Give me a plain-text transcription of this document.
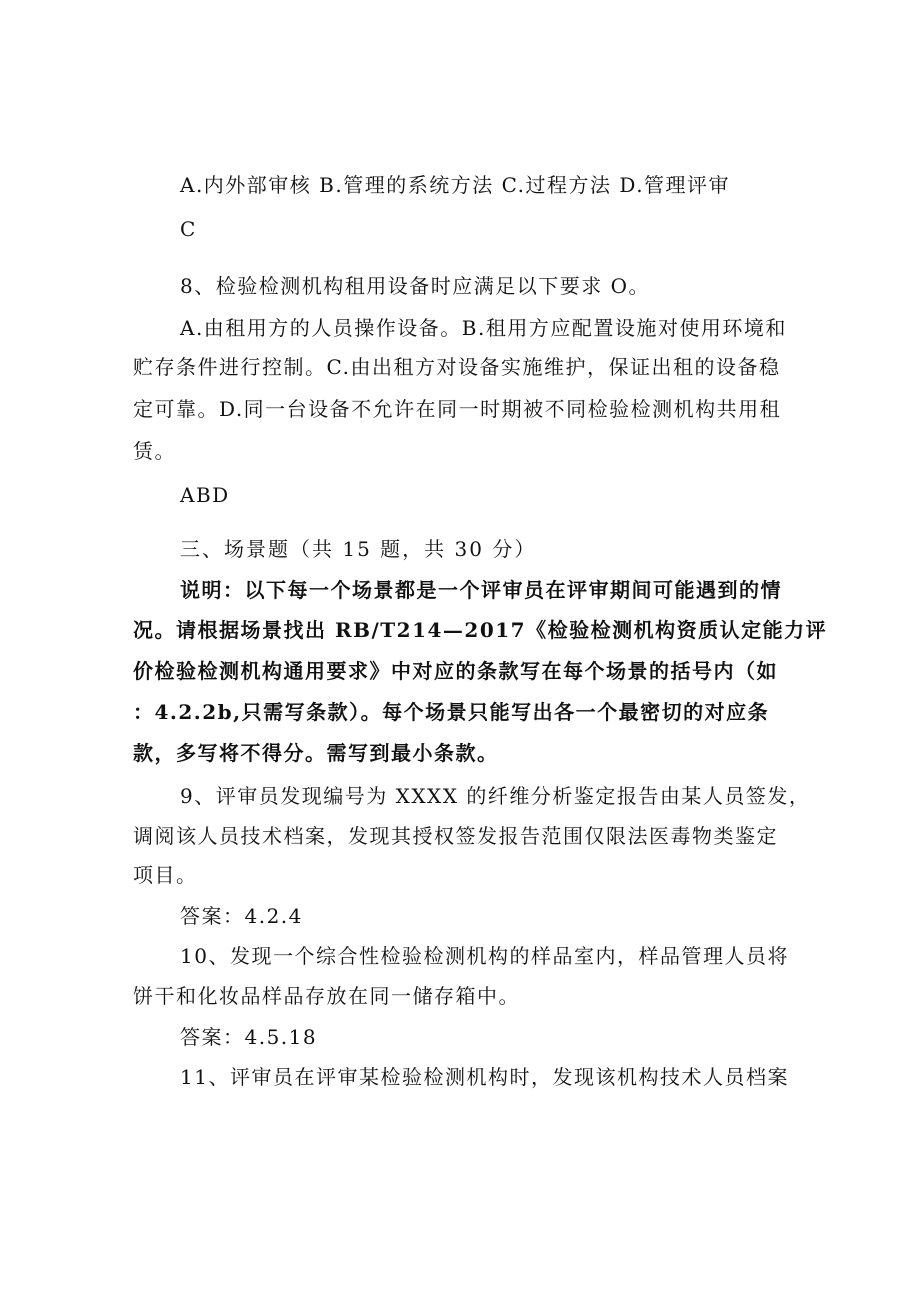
A.内外部审核 B.管理的系统方法 C.过程方法 D.管理评审
C
8、检验检测机构租用设备时应满足以下要求 O。
A.由租用方的人员操作设备。B.租用方应配置设施对使用环境和
贮存条件进行控制。C.由出租方对设备实施维护，保证出租的设备稳
定可靠。D.同一台设备不允许在同一时期被不同检验检测机构共用租
赁。
ABD
三、场景题（共 15 题，共 30 分）
说明：以下每一个场景都是一个评审员在评审期间可能遇到的情
况。请根据场景找出 RB/T214—2017《检验检测机构资质认定能力评
价检验检测机构通用要求》中对应的条款写在每个场景的括号内（如
：4.2.2b,只需写条款）。每个场景只能写出各一个最密切的对应条
款，多写将不得分。需写到最小条款。
9、评审员发现编号为 XXXX 的纤维分析鉴定报告由某人员签发，
调阅该人员技术档案，发现其授权签发报告范围仅限法医毒物类鉴定
项目。
答案：4.2.4
10、发现一个综合性检验检测机构的样品室内，样品管理人员将
饼干和化妆品样品存放在同一储存箱中。
答案：4.5.18
11、评审员在评审某检验检测机构时，发现该机构技术人员档案
